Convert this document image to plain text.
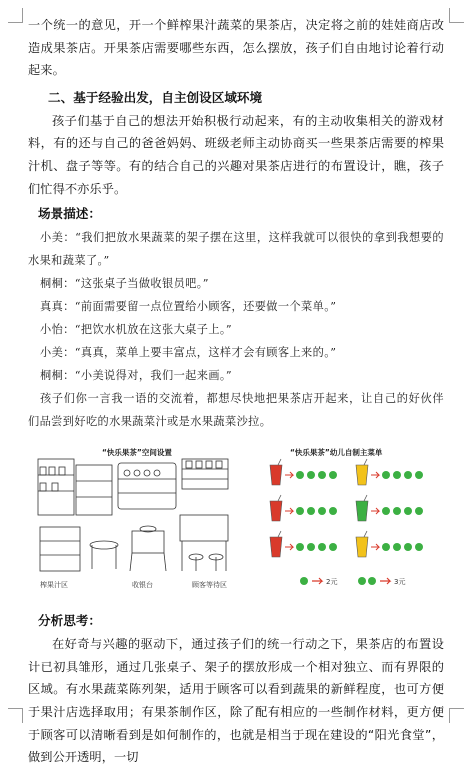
一个统一的意见，开一个鲜榨果汁蔬菜的果茶店，决定将之前的娃娃商店改造成果茶店。开果茶店需要哪些东西，怎么摆放，孩子们自由地讨论着行动起来。

二、基于经验出发，自主创设区域环境

孩子们基于自己的想法开始积极行动起来，有的主动收集相关的游戏材料，有的还与自己的爸爸妈妈、班级老师主动协商买一些果茶店需要的榨果汁机、盘子等等。有的结合自己的兴趣对果茶店进行的布置设计，瞧，孩子们忙得不亦乐乎。

场景描述：

小美：“我们把放水果蔬菜的架子摆在这里，这样我就可以很快的拿到我想要的水果和蔬菜了。”

桐桐：“这张桌子当做收银员吧。”

真真：“前面需要留一点位置给小顾客，还要做一个菜单。”

小怡：“把饮水机放在这张大桌子上。”

小美：“真真，菜单上要丰富点，这样才会有顾客上来的。”

桐桐：“小美说得对，我们一起来画。”

孩子们你一言我一语的交流着，都想尽快地把果茶店开起来，让自己的好伙伴们品尝到好吃的水果蔬菜汁或是水果蔬菜沙拉。

“快乐果茶”空间设置
榨果汁区	收银台	顾客等待区
“快乐果茶”幼儿自制主菜单
2元	3元

分析思考：

在好奇与兴趣的驱动下，通过孩子们的统一行动之下，果茶店的布置设计已初具雏形，通过几张桌子、架子的摆放形成一个相对独立、而有界限的区域。有水果蔬菜陈列架，适用于顾客可以看到蔬果的新鲜程度，也可方便于果汁店选择取用；有果茶制作区，除了配有相应的一些制作材料，更方便于顾客可以清晰看到是如何制作的，也就是相当于现在建设的“阳光食堂”，做到公开透明，一切
